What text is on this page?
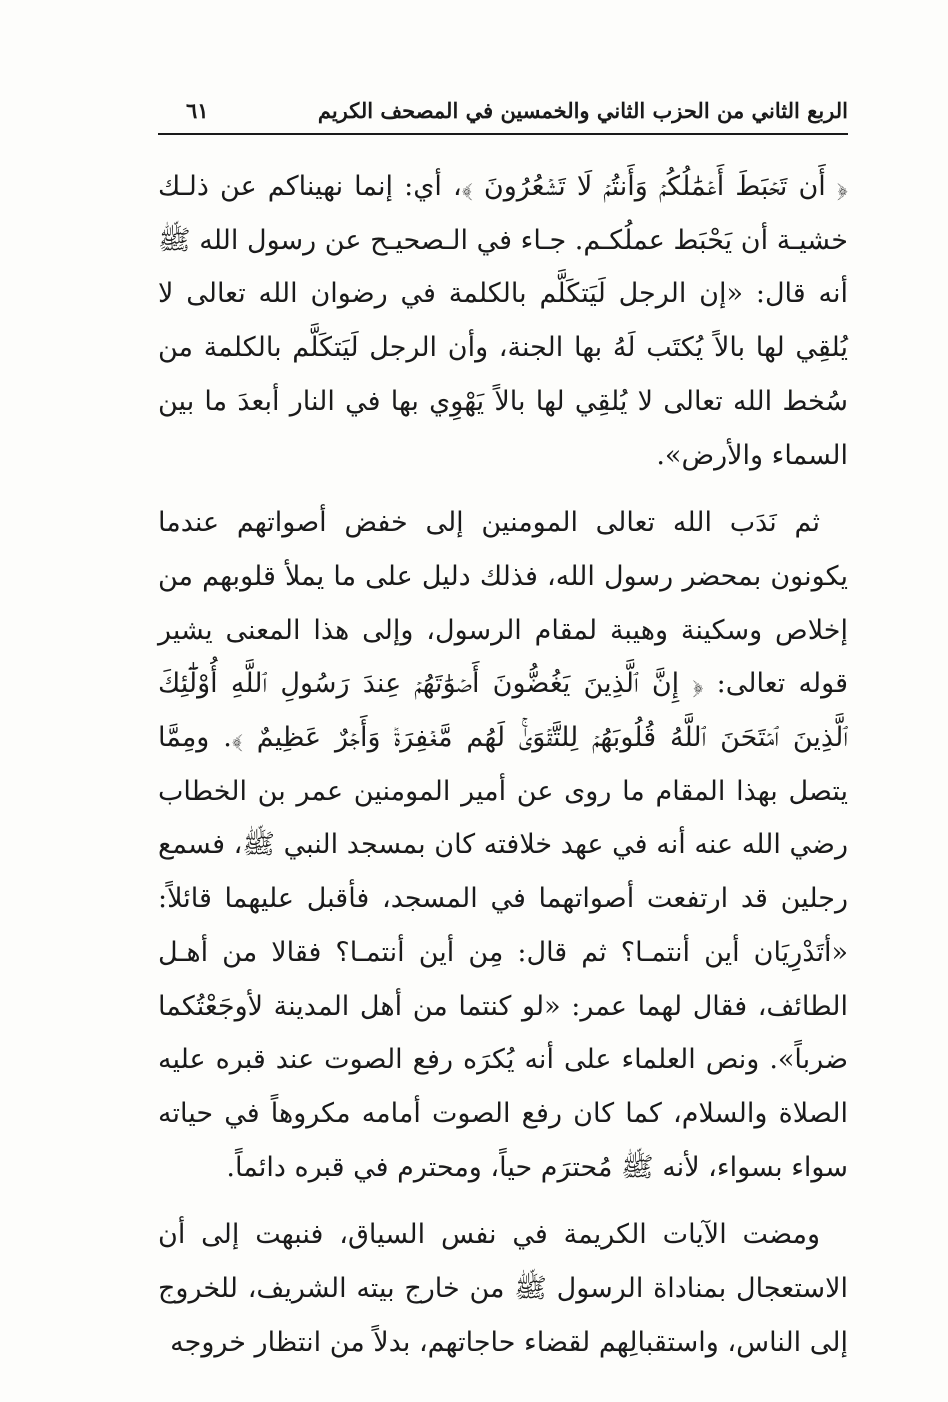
الربع الثاني من الحزب الثاني والخمسين في المصحف الكريم
٦١

﴿ أَن تَحۡبَطَ أَعۡمَٰلُكُمۡ وَأَنتُمۡ لَا تَشۡعُرُونَ ﴾، أي: إنما نهيناكم عن ذلـك خشيـة أن يَحْبَط عملُكـم. جـاء في الـصحيـح عن رسول الله ﷺ أنه قال: «إن الرجل لَيَتكَلَّم بالكلمة في رضوان الله تعالى لا يُلقِي لها بالاً يُكتَب لَهُ بها الجنة، وأن الرجل لَيَتكَلَّم بالكلمة من سُخط الله تعالى لا يُلقِي لها بالاً يَهْوِي بها في النار أبعدَ ما بين السماء والأرض».

ثم نَدَب الله تعالى المومنين إلى خفض أصواتهم عندما يكونون بمحضر رسول الله، فذلك دليل على ما يملأ قلوبهم من إخلاص وسكينة وهيبة لمقام الرسول، وإلى هذا المعنى يشير قوله تعالى: ﴿ إِنَّ ٱلَّذِينَ يَغُضُّونَ أَصۡوَٰتَهُمۡ عِندَ رَسُولِ ٱللَّهِ أُوْلَٰٓئِكَ ٱلَّذِينَ ٱمۡتَحَنَ ٱللَّهُ قُلُوبَهُمۡ لِلتَّقۡوَىٰۚ لَهُم مَّغۡفِرَةٞ وَأَجۡرٌ عَظِيمٌ ﴾. ومِمَّا يتصل بهذا المقام ما روى عن أمير المومنين عمر بن الخطاب رضي الله عنه أنه في عهد خلافته كان بمسجد النبي ﷺ، فسمع رجلين قد ارتفعت أصواتهما في المسجد، فأقبل عليهما قائلاً: «أتَدْرِيَان أين أنتمـا؟ ثم قال: مِن أين أنتمـا؟ فقالا من أهـل الطائف، فقال لهما عمر: «لو كنتما من أهل المدينة لأوجَعْتُكما ضرباً». ونص العلماء على أنه يُكرَه رفع الصوت عند قبره عليه الصلاة والسلام، كما كان رفع الصوت أمامه مكروهاً في حياته سواء بسواء، لأنه ﷺ مُحترَم حياً، ومحترم في قبره دائماً.

ومضت الآيات الكريمة في نفس السياق، فنبهت إلى أن الاستعجال بمناداة الرسول ﷺ من خارج بيته الشريف، للخروج إلى الناس، واستقبالِهم لقضاء حاجاتهم، بدلاً من انتظار خروجه
